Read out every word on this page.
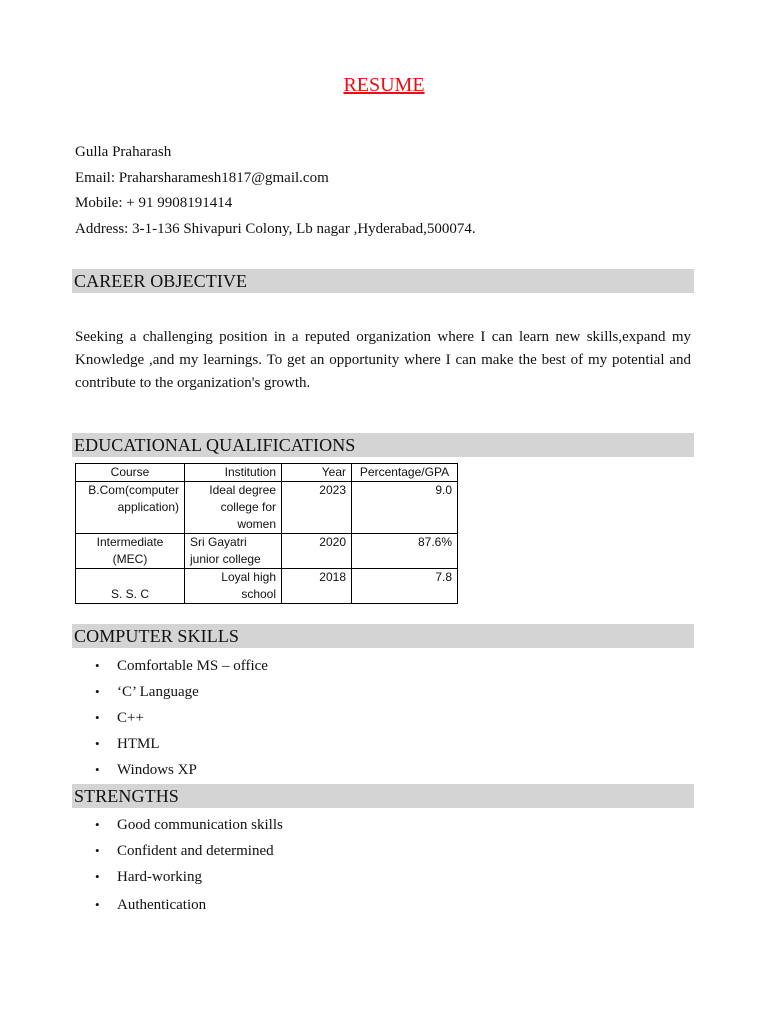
RESUME
Gulla Praharash
Email: Praharsharamesh1817@gmail.com
Mobile: + 91 9908191414
Address: 3-1-136 Shivapuri Colony, Lb nagar ,Hyderabad,500074.
CAREER OBJECTIVE
Seeking a challenging position in a reputed organization where I can learn new skills,expand my Knowledge ,and my learnings. To get an opportunity where I can make the best of my potential and contribute to the organization's growth.
EDUCATIONAL QUALIFICATIONS
Course	Institution	Year	Percentage/GPA
B.Com(computer application)	Ideal degree college for women	2023	9.0
Intermediate (MEC)	Sri Gayatri junior college	2020	87.6%
S. S. C	Loyal high school	2018	7.8
COMPUTER SKILLS
• Comfortable MS – office
• ‘C’ Language
• C++
• HTML
• Windows XP
STRENGTHS
• Good communication skills
• Confident and determined
• Hard-working
• Authentication
